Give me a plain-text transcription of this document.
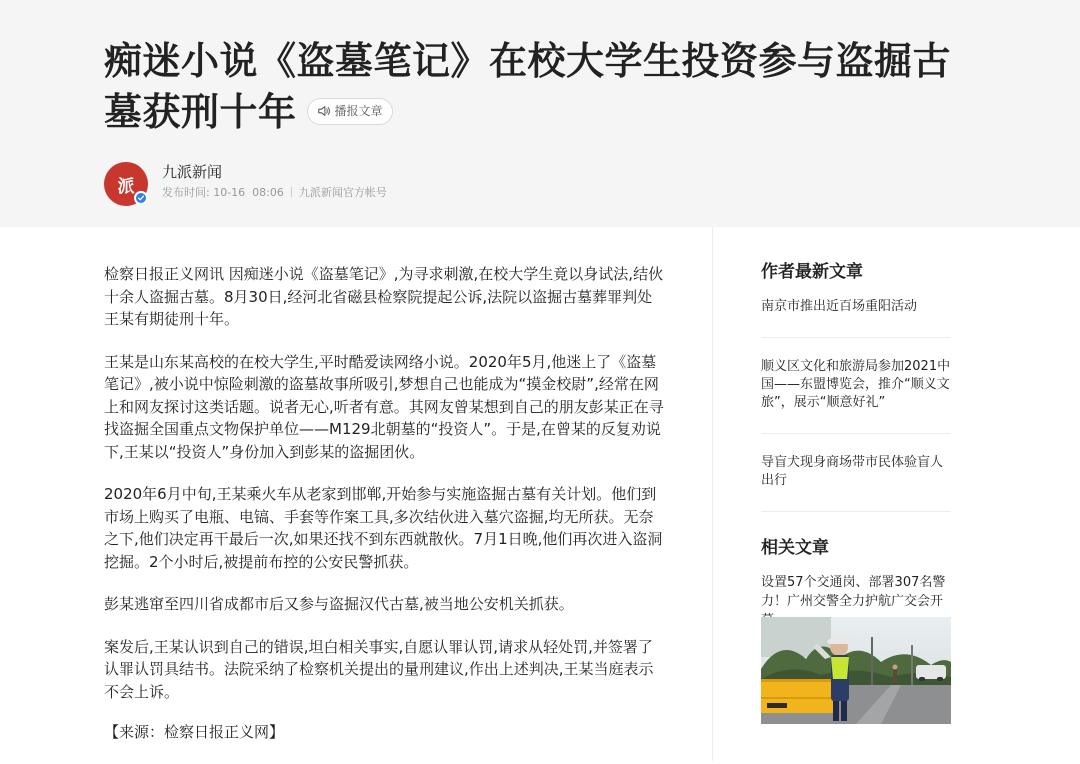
痴迷小说《盗墓笔记》在校大学生投资参与盗掘古墓获刑十年	播报文章
派
九派新闻
发布时间: 10-16 08:06 九派新闻官方帐号

检察日报正义网讯 因痴迷小说《盗墓笔记》,为寻求刺激,在校大学生竟以身试法,结伙十余人盗掘古墓。8月30日,经河北省磁县检察院提起公诉,法院以盗掘古墓葬罪判处王某有期徒刑十年。

王某是山东某高校的在校大学生,平时酷爱读网络小说。2020年5月,他迷上了《盗墓笔记》,被小说中惊险刺激的盗墓故事所吸引,梦想自己也能成为“摸金校尉”,经常在网上和网友探讨这类话题。说者无心,听者有意。其网友曾某想到自己的朋友彭某正在寻找盗掘全国重点文物保护单位——M129北朝墓的“投资人”。于是,在曾某的反复劝说下,王某以“投资人”身份加入到彭某的盗掘团伙。

2020年6月中旬,王某乘火车从老家到邯郸,开始参与实施盗掘古墓有关计划。他们到市场上购买了电瓶、电镐、手套等作案工具,多次结伙进入墓穴盗掘,均无所获。无奈之下,他们决定再干最后一次,如果还找不到东西就散伙。7月1日晚,他们再次进入盗洞挖掘。2个小时后,被提前布控的公安民警抓获。

彭某逃窜至四川省成都市后又参与盗掘汉代古墓,被当地公安机关抓获。

案发后,王某认识到自己的错误,坦白相关事实,自愿认罪认罚,请求从轻处罚,并签署了认罪认罚具结书。法院采纳了检察机关提出的量刑建议,作出上述判决,王某当庭表示不会上诉。

【来源：检察日报正义网】

作者最新文章
南京市推出近百场重阳活动
顺义区文化和旅游局参加2021中国——东盟博览会，推介“顺义文旅”，展示“顺意好礼”
导盲犬现身商场带市民体验盲人出行
相关文章
设置57个交通岗、部署307名警力！广州交警全力护航广交会开
